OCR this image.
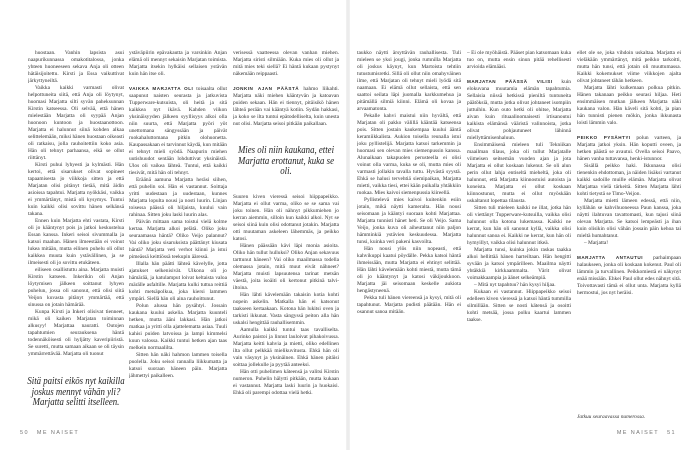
huostaan. Vanhin lapsista asui naapurikunnassa omakotitalossa, jonka yhteen huoneeseen sekava Anja oli otteen hätäisijoitettu. Kirsti ja Essa vaikuttivat järkyttyneiltä.

Vaikka kaikki varmasti olivat helpottuneita siitä, että Anja oli löytynyt, huomasi Marjatta silti syvän paheksunnan Kirstin katseessa. Oli selvää, että hänen mielestään Marjatta oli syypää Anjan huonoon kuntoon ja huostaanottoon. Marjatta ei halunnut siinä kohden alkaa selittelemään, miksi hänen huostaan oikeasti oli ratkaisu, jolla rauhoitettiin koko asia. Hän oli tehnyt parhaansa, eikä se ollut riittänyt.

Kirsti puhui lyhyesti ja kylmästi. Hän kertoi, että sisarukset olivat sopineet tapaamisesta jo viikkoja sitten ja että Marjatan olisi pitänyt tietää, mitä äidin asioissa tapahtui. Marjatta nyökkäsi, vaikka ei ymmärtänyt, mistä oli kysymys. Tuntui kuin kaikki olisi sovittu hänen selkänsä takana.

Ennen kuin Marjatta ehti vastata, Kirsti oli jo kääntynyt pois ja jatkoi keskustelua Essan kanssa. Inkeri seisoi sivummalla ja katsoi maahan. Hänen ilmeestään ei voinut lukea mitään, mutta eilinen puhelu oli ollut kaikkea muuta kuin ystävällinen, ja se ilmeisesti oli jo sovittu etukäteen.

eiliseen osallistuttu aina. Marjatta muisti Kirstin katseen. Inkerikin oli Anjan löytymisen jälkeen soittanut lyhyen puhelun, jossa oli sanonut, että olisi siitä Veijon kuvasta pitänyt ymmärtää, että sinussa on jotain hämärää.

Kunpa Kirsti ja Inkeri olisivat tienneet, mikä oli kaiken Marjatan toiminnan alkusyy! Marjattaa nauratti. Outojen tapahtumien seurauksena häntä todennäköisesti oli hyljätty kaveripiiristä. Se suretti, mutta samaan aikaan se oli täysin ymmärrettävää. Marjatta oli tuonut

Sitä paitsi eikös nyt kaikilla joskus mennyt vähän yli? Marjatta selitti itselleen.

ystäväpiirin epävakautta ja varsinkin Anjan elämä oli mennyt sekaisin Marjatan toimista. Marjatta itsekin hylkäisi sellaisen ystävän kuin hän itse oli.

VAIKKA MARJATTA OLI toisaalta ollut saapunut naisten seurasta ja jatkuvista Tupperware-kutsuista, oli heitä ja sitä kaikkea nyt ikävä. Kahden viikon yksinäisyyden jälkeen syyllisyys alkoi olla niin suurta, että Marjatta pyöri yöt unettomana sängyssään ja päivät ruokahaluttomana pitkin olohuonetta. Kaupassakaan ei tarvinnut käydä, kun mitään ei tehnyt mieli syödä. Naapurin miehen uutishuudot sentään lohduttivat yksinäistä. Ulos oli vaikea lähteä. Tuntui, että kaikki tiesivät, mitä hän oli tehnyt.

Eräänä aamuna Marjatta heräsi siihen, että puhelin soi. Hän ei vastannut. Soittaja yritti uudestaan ja uudestaan, kunnes Marjatta lopulta nousi ja nosti luurin. Linjan toisessa päässä oli hiljaista, kuului vain rahinaa. Sitten joku laski luurin alas.

Päivän mittaan sama toistui vielä kolme kertaa. Marjatta alkoi pelätä. Oliko joku seuraamassa häntä? Oliko Veijo palannut? Vai oliko joku sisaruksista päättänyt kiusata häntä? Marjatta veti verhot kiinni ja istui pimeässä keittiössä teekupin ääressä.

Illalla hän päätti lähteä kävelylle, jotta ajatukset selkenisivät. Ulkona oli jo hämärää, ja katulamput loivat keltaista valoa märälle asfaltille. Marjatta kulki tuttua reittiä kohti metsäpolkua, joka kiersi lammen ympäri. Siellä hän oli aina rauhoittunut.

Polun alussa hän pysähtyi. Jossain kaukana kuului askelia. Marjatta kuunteli hetken, mutta ääni lakkasi. Hän jatkoi matkaa ja yritti olla ajattelematta asiaa. Tuuli kahisi puiden latvoissa ja lampi kimmelsi kuun valossa. Kaikki tuntui hetken ajan taas melkein normaalilta.

Sitten hän näki hahmon lammen toisella puolella. Joku seisoi rannalla liikkumatta ja katsoi suoraan häneen päin. Marjatta jähmettyi paikalleen.

verisessä vaatteessa olevan vanhan miehen. Marjatta siristi silmiään. Kuka mies oli ollut ja mitä mies teki siellä? Ei häntä kukaan pystynyt näkemään reippaasti.

JONKIN AJAN PÄÄSTÄ hahmo liikahti. Marjatta näki miehen kääntyvän ja katoavan puiden sekaan. Hän ei tiennyt, pitäisikö hänen lähteä perään vai kääntyä kotiin. Sydän hakkasi, ja koko se ilta tuntui epätodelliselta, kuin unesta nut olisi. Marjatta seisoi pitkään paikallaan.

Mies oli niin kaukana, ettei Marjatta erottanut, kuka se oli.

Suuren kiven vieressä seisoi hiippapeikko. Marjatta ei ollut varma, oliko se se sama vai joku toinen. Hän oli nähnyt pikkumiehen jo kerran aiemmin, silloin kun kaikki alkoi. Nyt se seisoi siinä kuin olisi odottanut jotakin. Marjatta otti muutaman askeleen lähemmäs, ja peikko katosi.

Hänen päässään kävi läpi monia asioita. Oliko hän tullut hulluksi? Oliko Anjan sekavuus tarttunut häneen? Vai oliko maailmassa todella olemassa jotain, mitä muut eivät nähneet? Marjatta muisti lapsuutensa tarinat metsän väestä, joita isoäiti oli kertonut pitkinä talvi-iltoina.

Hän lähti kävelemään takaisin kotia kohti nopein askelin. Matkalla hän ei katsonut taakseen kertaakaan. Kotona hän lukitsi oven ja tarkisti ikkunat. Vasta sängyssä peiton alla hän uskalsi hengittää rauhallisemmin.

Aamulla kaikki tuntui taas tavalliselta. Aurinko paistoi ja linnut lauloivat pihakoivussa. Marjatta keitti kahvia ja mietti, oliko edellinen ilta ollut pelkkää mielikuvitusta. Ehkä hän oli vain väsynyt ja yksinäinen. Ehkä hänen pitäisi soittaa jollekulle ja pyytää anteeksi.

Hän otti puhelimen käteensä ja valitsi Kirstin numeron. Puhelin hälytti pitkään, mutta kukaan ei vastannut. Marjatta laski luurin ja huokaisi. Ehkä oli parempi odottaa vielä hetki.

50 ME NAISET

taukko näytti ärsyttävän rauhallisesta. Tuli mieleen se yksi jougi, jonka rumnilla Marjatta oli joskus käynyt, kun Martoista tehtiin tutustumisretki. Sillä oli ollut niin omahyväinen ilme, että Marjatan oli tehnyt mieli lyödä sitä naamaan. Ei elämä ollut sellaista, että sen saattoi seilata läpi juomalla karkkumehua ja pitämällä silmiä kiinni. Elämä oli kovaa ja arvaamatonta.

Pekalle kahvi maistui niin hyvältä, että Marjatan oli pakko välillä kääntää katseensa pois. Sitten jostain kaukempaa kuului ääntä keramiikkalista. Aukion toisella reunalla istui joku pyllistelijä. Marjatta katsoi tarkemmin ja huomasi sen olevan mies siemenpussin kanssa. Alunaikaan takapuolen perusteella ei olisi voinut olla varma, kuka se oli, mutta mies oli varmasti jollakin tavalla tuttu. Hyvästä syystä. Ehkä se halusi tervehtiä siemipaikan, Marjatta mietti, vaikka tiesi, ettei kään puikalla yhtäkkiin ruokaa. Mies kaivoi siemenpussia kiireellä.

Pyllistelevä mies kaivoi kuitenkin esiin jotain, mikä näytti kameralta. Hän nousi seisomaan ja kääntyi suoraan kohti Marjattaa. Marjatta tunnisti hänet heti. Se oli Veijo. Sama Veijo, jonka kuva oli aiheuttanut niin paljon hämminkiä ystävien keskuudessa. Marjatta tunsi, kuinka veri pakeni kasvoilta.

Hän nousi ylös niin nopeasti, että kahvikuppi kaatui pöydälle. Pekka katsoi häntä ihmeissään, mutta Marjatta ei ehtinyt selittää. Hän lähti kävelemään kohti miestä, mutta tämä oli jo kääntynyt ja katosi väkijoukkoon. Marjatta jäi seisomaan keskelle aukiota hengästyneenä.

Pekka tuli hänen viereensä ja kysyi, mitä oli tapahtunut. Marjatta pudisti päätään. Hän ei osannut sanoa mitään.

– Ei ole myöhäistä. Pääset pian katsomaan kuka tuo on, mutta ensin sinun pitää rehellisesti arvioida elämääsi.

MARJATAN PÄÄSSÄ VILISI kuin elokuvana muutamia elämän tapahtumia. Sellaisia niissä hetkissä pieniltä tuntuneita päätöksiä, mutta jotka olivat johtaneet isompiin juttuihin. Kun outo hetki oli ohitse, Marjatta aivan kuin rituaalinomaisesti irtisanoutui kaikista elämänsä vääristä valinnoista, jotka olivat pohjautuneet lähinnä miellyttämisenhaluun.

Ensimmäisenä mieleen tuli Tekniikan maailman tilaus, joka oli tullut Marjatalle viimeisen seitsemän vuoden ajan ja jota Marjatta ei ollut koskaan lukenut. Se oli alun perin ollut lahja entiseltä mieheltä, joka oli halunnut, että Marjatta kiinnostuisi autoista ja koneista. Marjatta ei ollut koskaan kiinnostunut, mutta ei ollut myöskään uskaltanut lopettaa tilausta.

Sitten tuli mieleen kaikki ne illat, jotka hän oli viettänyt Tupperware-kutsuilla, vaikka olisi halunnut olla kotona lukemassa. Kaikki ne kerrat, kun hän oli sanonut kyllä, vaikka olisi halunnut sanoa ei. Kaikki ne kerrat, kun hän oli hymyillyt, vaikka olisi halunnut itkeä.

Marjatta tunsi, kuinka jokin raskas taakka alkoi hellittää hänen harteiltaan. Hän hengitti syvään ja katsoi ympärilleen. Maailma näytti yhtäkkiä kirkkaammalta. Värit olivat voimakkaampia ja äänet selkeämpiä.

– Mitä nyt tapahtuu? hän kysyi hiljaa.

Kukaan ei vastannut. Hiippapeikko seisoi edelleen kiven vieressä ja katsoi häntä tummilla silmillään. Sitten se nosti kätensä ja osoitti kohti metsää, jossa polku kaartui lammen taakse.

ellet ole se, joka vihdoin uskaltaa. Marjatta ei vieläkään ymmärtänyt, mitä peikko tarkoitti, mutta hän tunsi, että jotain oli muuttumassa. Kaikki kokemukset viime viikkojen ajalta olivat johtaneet tähän hetkeen.

Marjatta lähti kulkemaan polkua pitkin. Hänen takanaan peikko seurasi hiljaa. Heti ensimmäisen mutkan jälkeen Marjatta näki kaukana valon. Hän käveli sitä kohti, ja pian hän tunnisti pienen mökin, jonka ikkunasta loisti lämmin valo.

PEIKKO PYSÄHTYI polun varteen, ja Marjatta jatkoi yksin. Hän koputti oveen, ja hetken päästä se avautui. Ovella seisoi Paavo, hänen vanha tuttavansa, henki-istunnor.

Sisällä peikko haki. Ikkunassa olisi tienenkin ehdottoman, ja näiden lisäksi vartanut kaikki sadoille muille elämän. Marjatta olivat Marjattaa vielä tärkeitä. Sitten Marjatta lähti kohti tietystä se Timo-Veijon.

Marjatta mietti lämeen edessä, että niin, kyllähän se kahvihuoneessa Paun kanssa, joka näytti ilahtuvan tavattomasti, kun tajusi siinä olevan Marjatta. Se katsoi lempeästi ja ihan kuin olisikin olisi vähän jossain päin kehoa tai mieltä humahtanut.

– Marjatta!

MARJATTA ANTAUTUI parhaimpaan halaukseen, jonka oli koskaan kokenut. Paul oli lämmin ja turvallinen. Peikkomiestä ei näkynyt enää missään. Ehkei Paul ollut edes nähnyt sitä. Toivottavasti tämä ei ollut unta. Marjatta kyllä hermostui, jos nyt heräisi.

Jatkuu seuraavassa numerossa.

ME NAISET 51
